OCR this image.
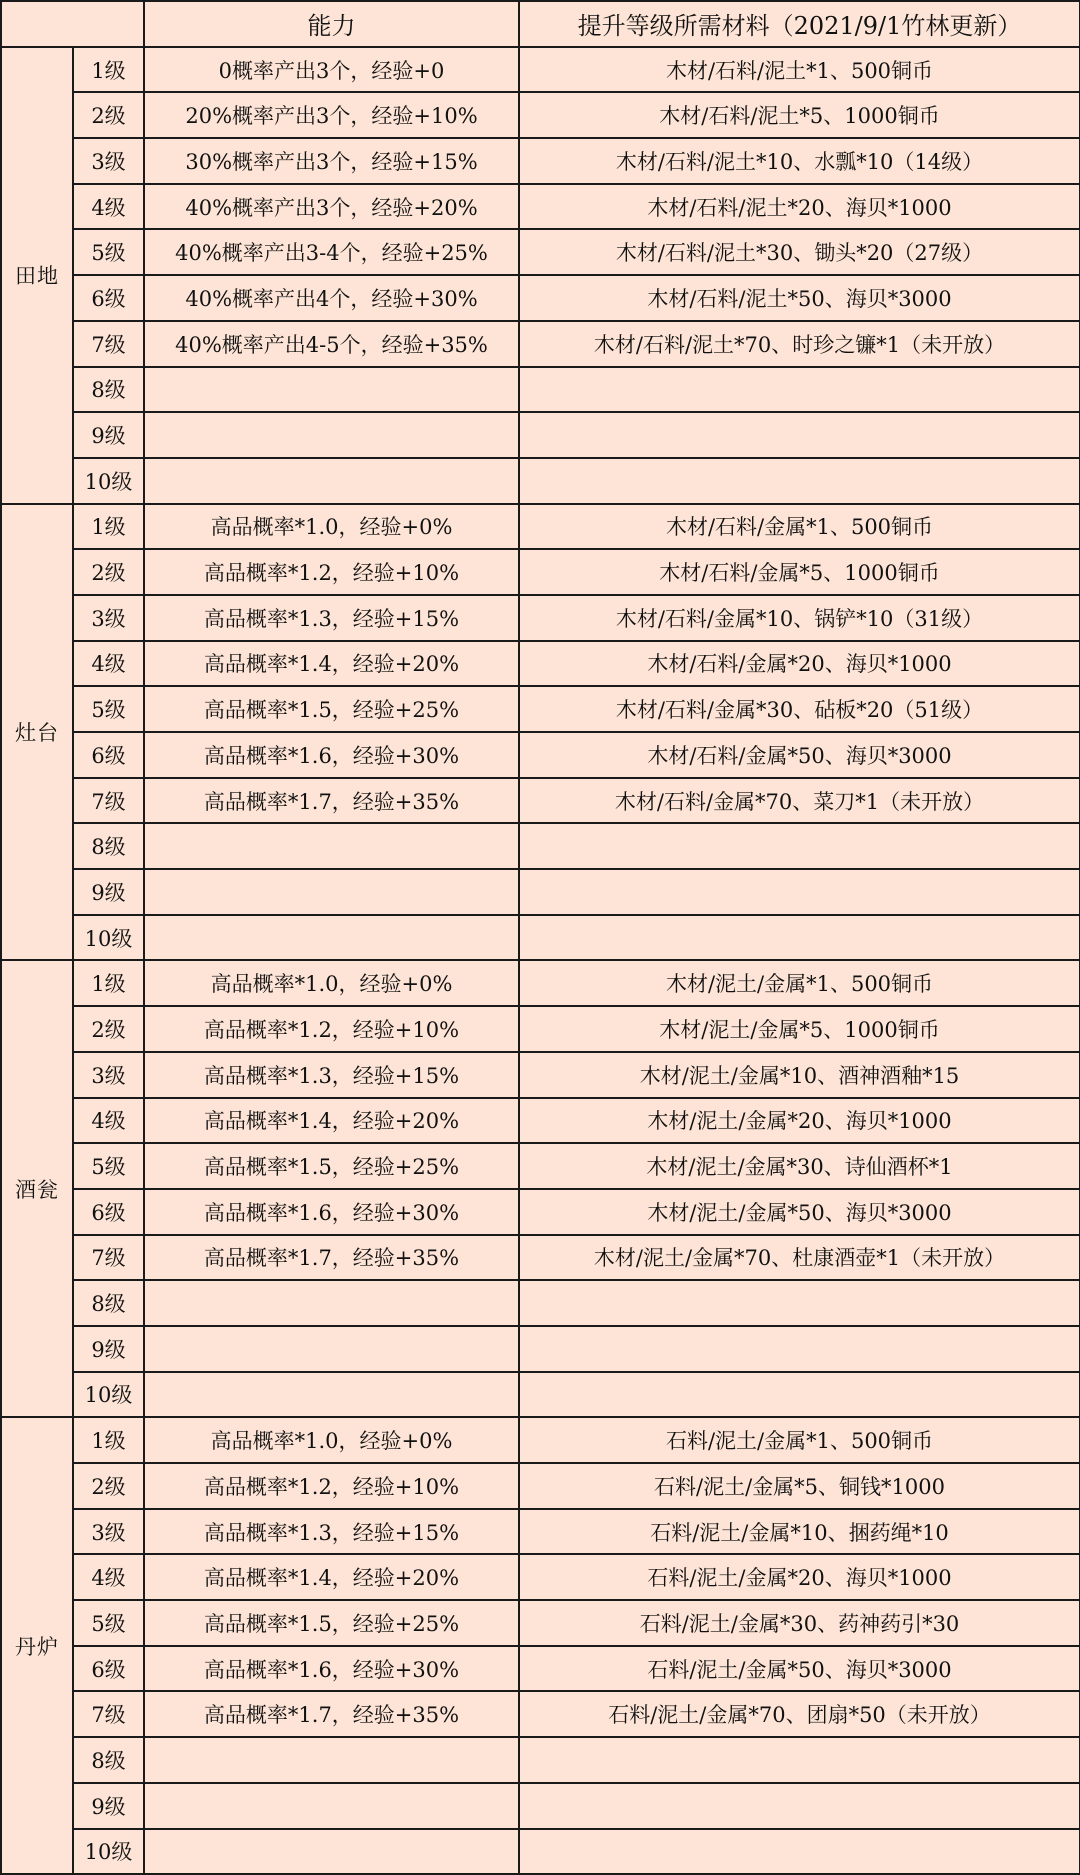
		能力	提升等级所需材料（2021/9/1竹林更新）
田地	1级	0概率产出3个，经验+0	木材/石料/泥土*1、500铜币
	2级	20%概率产出3个，经验+10%	木材/石料/泥土*5、1000铜币
	3级	30%概率产出3个，经验+15%	木材/石料/泥土*10、水瓢*10（14级）
	4级	40%概率产出3个，经验+20%	木材/石料/泥土*20、海贝*1000
	5级	40%概率产出3-4个，经验+25%	木材/石料/泥土*30、锄头*20（27级）
	6级	40%概率产出4个，经验+30%	木材/石料/泥土*50、海贝*3000
	7级	40%概率产出4-5个，经验+35%	木材/石料/泥土*70、时珍之镰*1（未开放）
	8级		
	9级		
	10级		
灶台	1级	高品概率*1.0，经验+0%	木材/石料/金属*1、500铜币
	2级	高品概率*1.2，经验+10%	木材/石料/金属*5、1000铜币
	3级	高品概率*1.3，经验+15%	木材/石料/金属*10、锅铲*10（31级）
	4级	高品概率*1.4，经验+20%	木材/石料/金属*20、海贝*1000
	5级	高品概率*1.5，经验+25%	木材/石料/金属*30、砧板*20（51级）
	6级	高品概率*1.6，经验+30%	木材/石料/金属*50、海贝*3000
	7级	高品概率*1.7，经验+35%	木材/石料/金属*70、菜刀*1（未开放）
	8级		
	9级		
	10级		
酒瓮	1级	高品概率*1.0，经验+0%	木材/泥土/金属*1、500铜币
	2级	高品概率*1.2，经验+10%	木材/泥土/金属*5、1000铜币
	3级	高品概率*1.3，经验+15%	木材/泥土/金属*10、酒神酒釉*15
	4级	高品概率*1.4，经验+20%	木材/泥土/金属*20、海贝*1000
	5级	高品概率*1.5，经验+25%	木材/泥土/金属*30、诗仙酒杯*1
	6级	高品概率*1.6，经验+30%	木材/泥土/金属*50、海贝*3000
	7级	高品概率*1.7，经验+35%	木材/泥土/金属*70、杜康酒壶*1（未开放）
	8级		
	9级		
	10级		
丹炉	1级	高品概率*1.0，经验+0%	石料/泥土/金属*1、500铜币
	2级	高品概率*1.2，经验+10%	石料/泥土/金属*5、铜钱*1000
	3级	高品概率*1.3，经验+15%	石料/泥土/金属*10、捆药绳*10
	4级	高品概率*1.4，经验+20%	石料/泥土/金属*20、海贝*1000
	5级	高品概率*1.5，经验+25%	石料/泥土/金属*30、药神药引*30
	6级	高品概率*1.6，经验+30%	石料/泥土/金属*50、海贝*3000
	7级	高品概率*1.7，经验+35%	石料/泥土/金属*70、团扇*50（未开放）
	8级		
	9级		
	10级		
